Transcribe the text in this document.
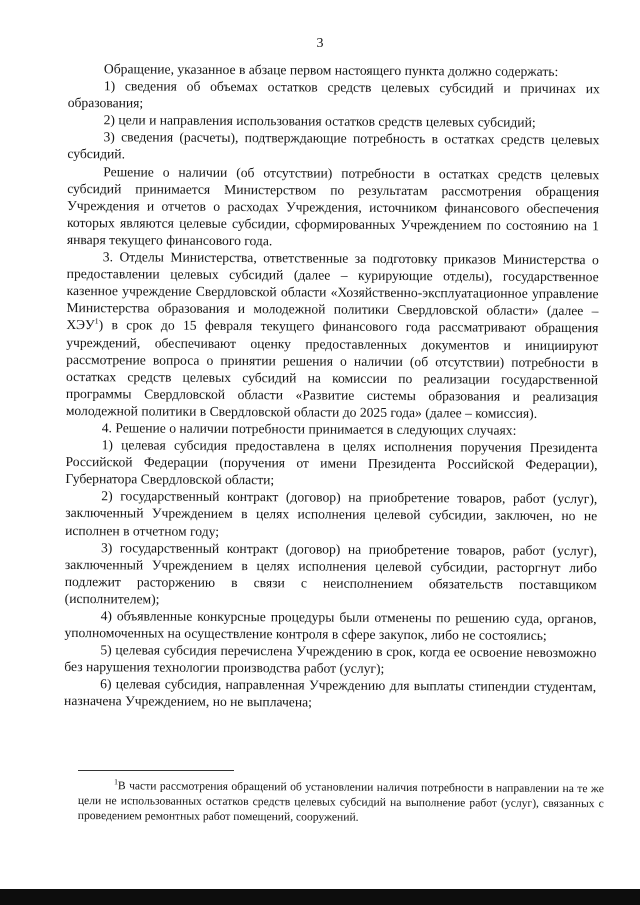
3

Обращение, указанное в абзаце первом настоящего пункта должно содержать:

1) сведения об объемах остатков средств целевых субсидий и причинах их образования;

2) цели и направления использования остатков средств целевых субсидий;

3) сведения (расчеты), подтверждающие потребность в остатках средств целевых субсидий.

Решение о наличии (об отсутствии) потребности в остатках средств целевых субсидий принимается Министерством по результатам рассмотрения обращения Учреждения и отчетов о расходах Учреждения, источником финансового обеспечения которых являются целевые субсидии, сформированных Учреждением по состоянию на 1 января текущего финансового года.

3. Отделы Министерства, ответственные за подготовку приказов Министерства о предоставлении целевых субсидий (далее – курирующие отделы), государственное казенное учреждение Свердловской области «Хозяйственно-эксплуатационное управление Министерства образования и молодежной политики Свердловской области» (далее – ХЭУ$^1$) в срок до 15 февраля текущего финансового года рассматривают обращения учреждений, обеспечивают оценку предоставленных документов и инициируют рассмотрение вопроса о принятии решения о наличии (об отсутствии) потребности в остатках средств целевых субсидий на комиссии по реализации государственной программы Свердловской области «Развитие системы образования и реализация молодежной политики в Свердловской области до 2025 года» (далее – комиссия).

4. Решение о наличии потребности принимается в следующих случаях:

1) целевая субсидия предоставлена в целях исполнения поручения Президента Российской Федерации (поручения от имени Президента Российской Федерации), Губернатора Свердловской области;

2) государственный контракт (договор) на приобретение товаров, работ (услуг), заключенный Учреждением в целях исполнения целевой субсидии, заключен, но не исполнен в отчетном году;

3) государственный контракт (договор) на приобретение товаров, работ (услуг), заключенный Учреждением в целях исполнения целевой субсидии, расторгнут либо подлежит расторжению в связи с неисполнением обязательств поставщиком (исполнителем);

4) объявленные конкурсные процедуры были отменены по решению суда, органов, уполномоченных на осуществление контроля в сфере закупок, либо не состоялись;

5) целевая субсидия перечислена Учреждению в срок, когда ее освоение невозможно без нарушения технологии производства работ (услуг);

6) целевая субсидия, направленная Учреждению для выплаты стипендии студентам, назначена Учреждением, но не выплачена;

$^1$В части рассмотрения обращений об установлении наличия потребности в направлении на те же цели не использованных остатков средств целевых субсидий на выполнение работ (услуг), связанных с проведением ремонтных работ помещений, сооружений.
